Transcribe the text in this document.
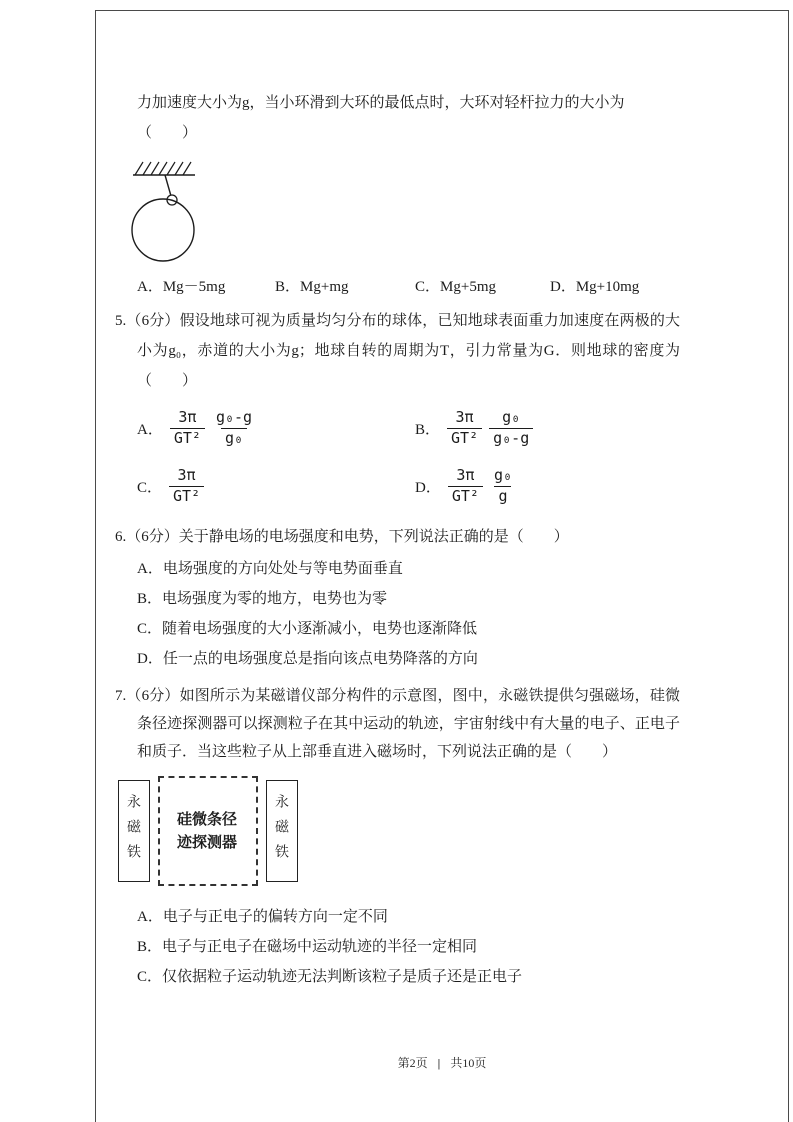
力加速度大小为g，当小环滑到大环的最低点时，大环对轻杆拉力的大小为

（　　）

A．Mg－5mg	B．Mg+mg	C．Mg+5mg	D．Mg+10mg

5.（6分）假设地球可视为质量均匀分布的球体，已知地球表面重力加速度在两极的大小为g₀，赤道的大小为g；地球自转的周期为T，引力常量为G．则地球的密度为（　　）

A． $\frac{3\pi}{\text{GT²}} \frac{\text{g₀-g}}{\text{g₀}}$	B． $\frac{3\pi}{\text{GT²}} \frac{\text{g₀}}{\text{g₀-g}}$
C． $\frac{3\pi}{\text{GT²}}$	D． $\frac{3\pi}{\text{GT²}} \frac{\text{g₀}}{g}$

6.（6分）关于静电场的电场强度和电势，下列说法正确的是（　　）

A．电场强度的方向处处与等电势面垂直

B．电场强度为零的地方，电势也为零

C．随着电场强度的大小逐渐减小，电势也逐渐降低

D．任一点的电场强度总是指向该点电势降落的方向

7.（6分）如图所示为某磁谱仪部分构件的示意图，图中，永磁铁提供匀强磁场，硅微条径迹探测器可以探测粒子在其中运动的轨迹，宇宙射线中有大量的电子、正电子和质子．当这些粒子从上部垂直进入磁场时，下列说法正确的是（　　）

永磁铁 硅微条径迹探测器	永磁铁

A．电子与正电子的偏转方向一定不同

B．电子与正电子在磁场中运动轨迹的半径一定相同

C．仅依据粒子运动轨迹无法判断该粒子是质子还是正电子

第2页 | 共10页
